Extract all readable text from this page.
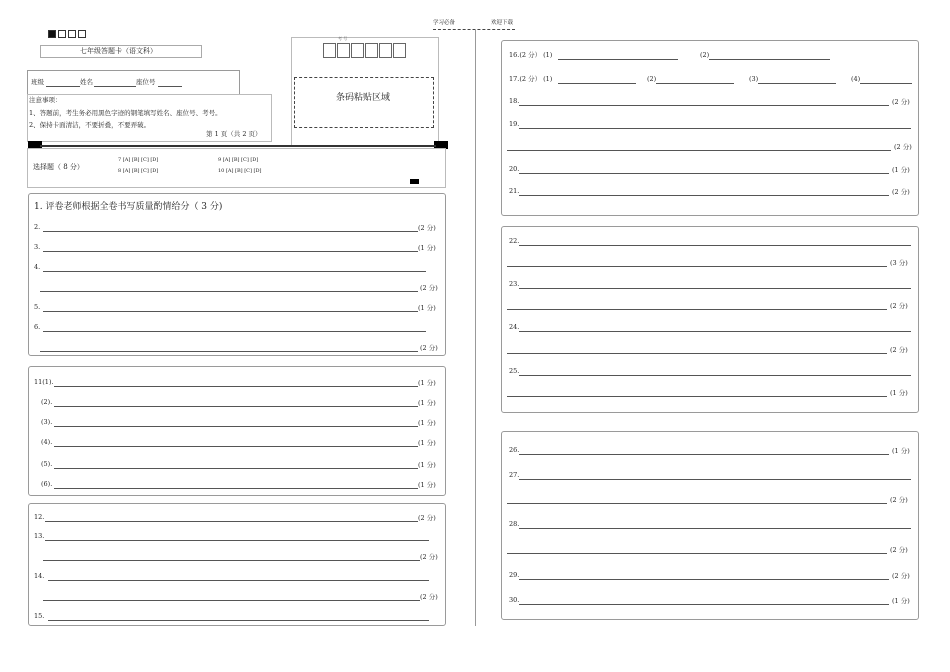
学习必备	欢迎下载
七年级答题卡（语文科）
班级	姓名	座位号
注意事项：
1、答题前，考生务必用黑色字迹的钢笔填写姓名、座位号、考号。
2、保持卡面清洁，不要折叠，不要弄破。
第 1 页（共 2 页）
考 号
条码粘贴区域
选择题（ 8 分）
7 [A] [B] [C] [D]
8 [A] [B] [C] [D]
9 [A] [B] [C] [D]
10 [A] [B] [C] [D]
1. 评卷老师根据全卷书写质量酌情给分（ 3 分)
2.	(2 分)
3.	(1 分)
4.
(2 分)
5.	(1 分)
6.
(2 分)
11(1).	(1 分)
(2).	(1 分)
(3).	(1 分)
(4).	(1 分)
(5).	(1 分)
(6).	(1 分)
12.	(2 分)
13.
(2 分)
14.
(2 分)
15.
16.(2 分） (1)	(2)
17.(2 分） (1)	(2)	(3)	(4)
18.	(2 分)
19.
(2 分)
20.	(1 分)
21.	(2 分)
22.
(3 分)
23.
(2 分)
24.
(2 分)
25.
(1 分)
26.	(1 分)
27.
(2 分)
28.
(2 分)
29.	(2 分)
30.	(1 分)
